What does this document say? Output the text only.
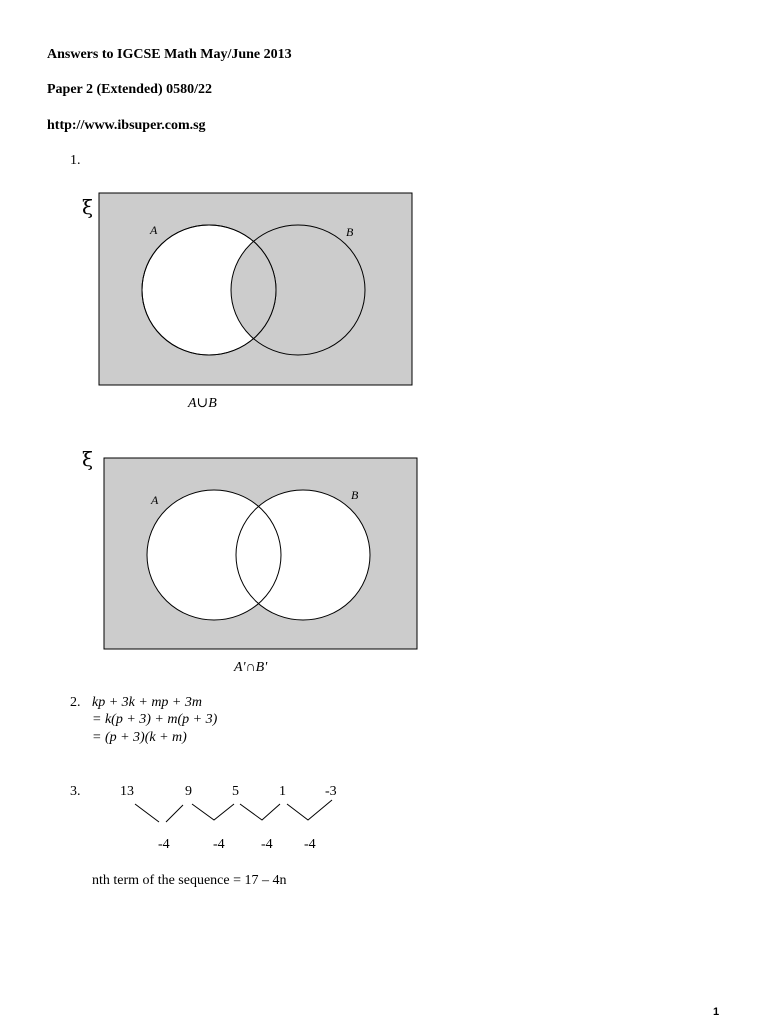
Answers to IGCSE Math May/June 2013
Paper 2 (Extended) 0580/22
http://www.ibsuper.com.sg
1.
ξ
A	B
A∪B
ξ
A	B
A'∩B'
2. kp + 3k + mp + 3m
= k(p + 3) + m(p + 3)
= (p + 3)(k + m)
3.	13	9	5	1	-3
-4	-4	-4 -4
nth term of the sequence = 17 – 4n
1
